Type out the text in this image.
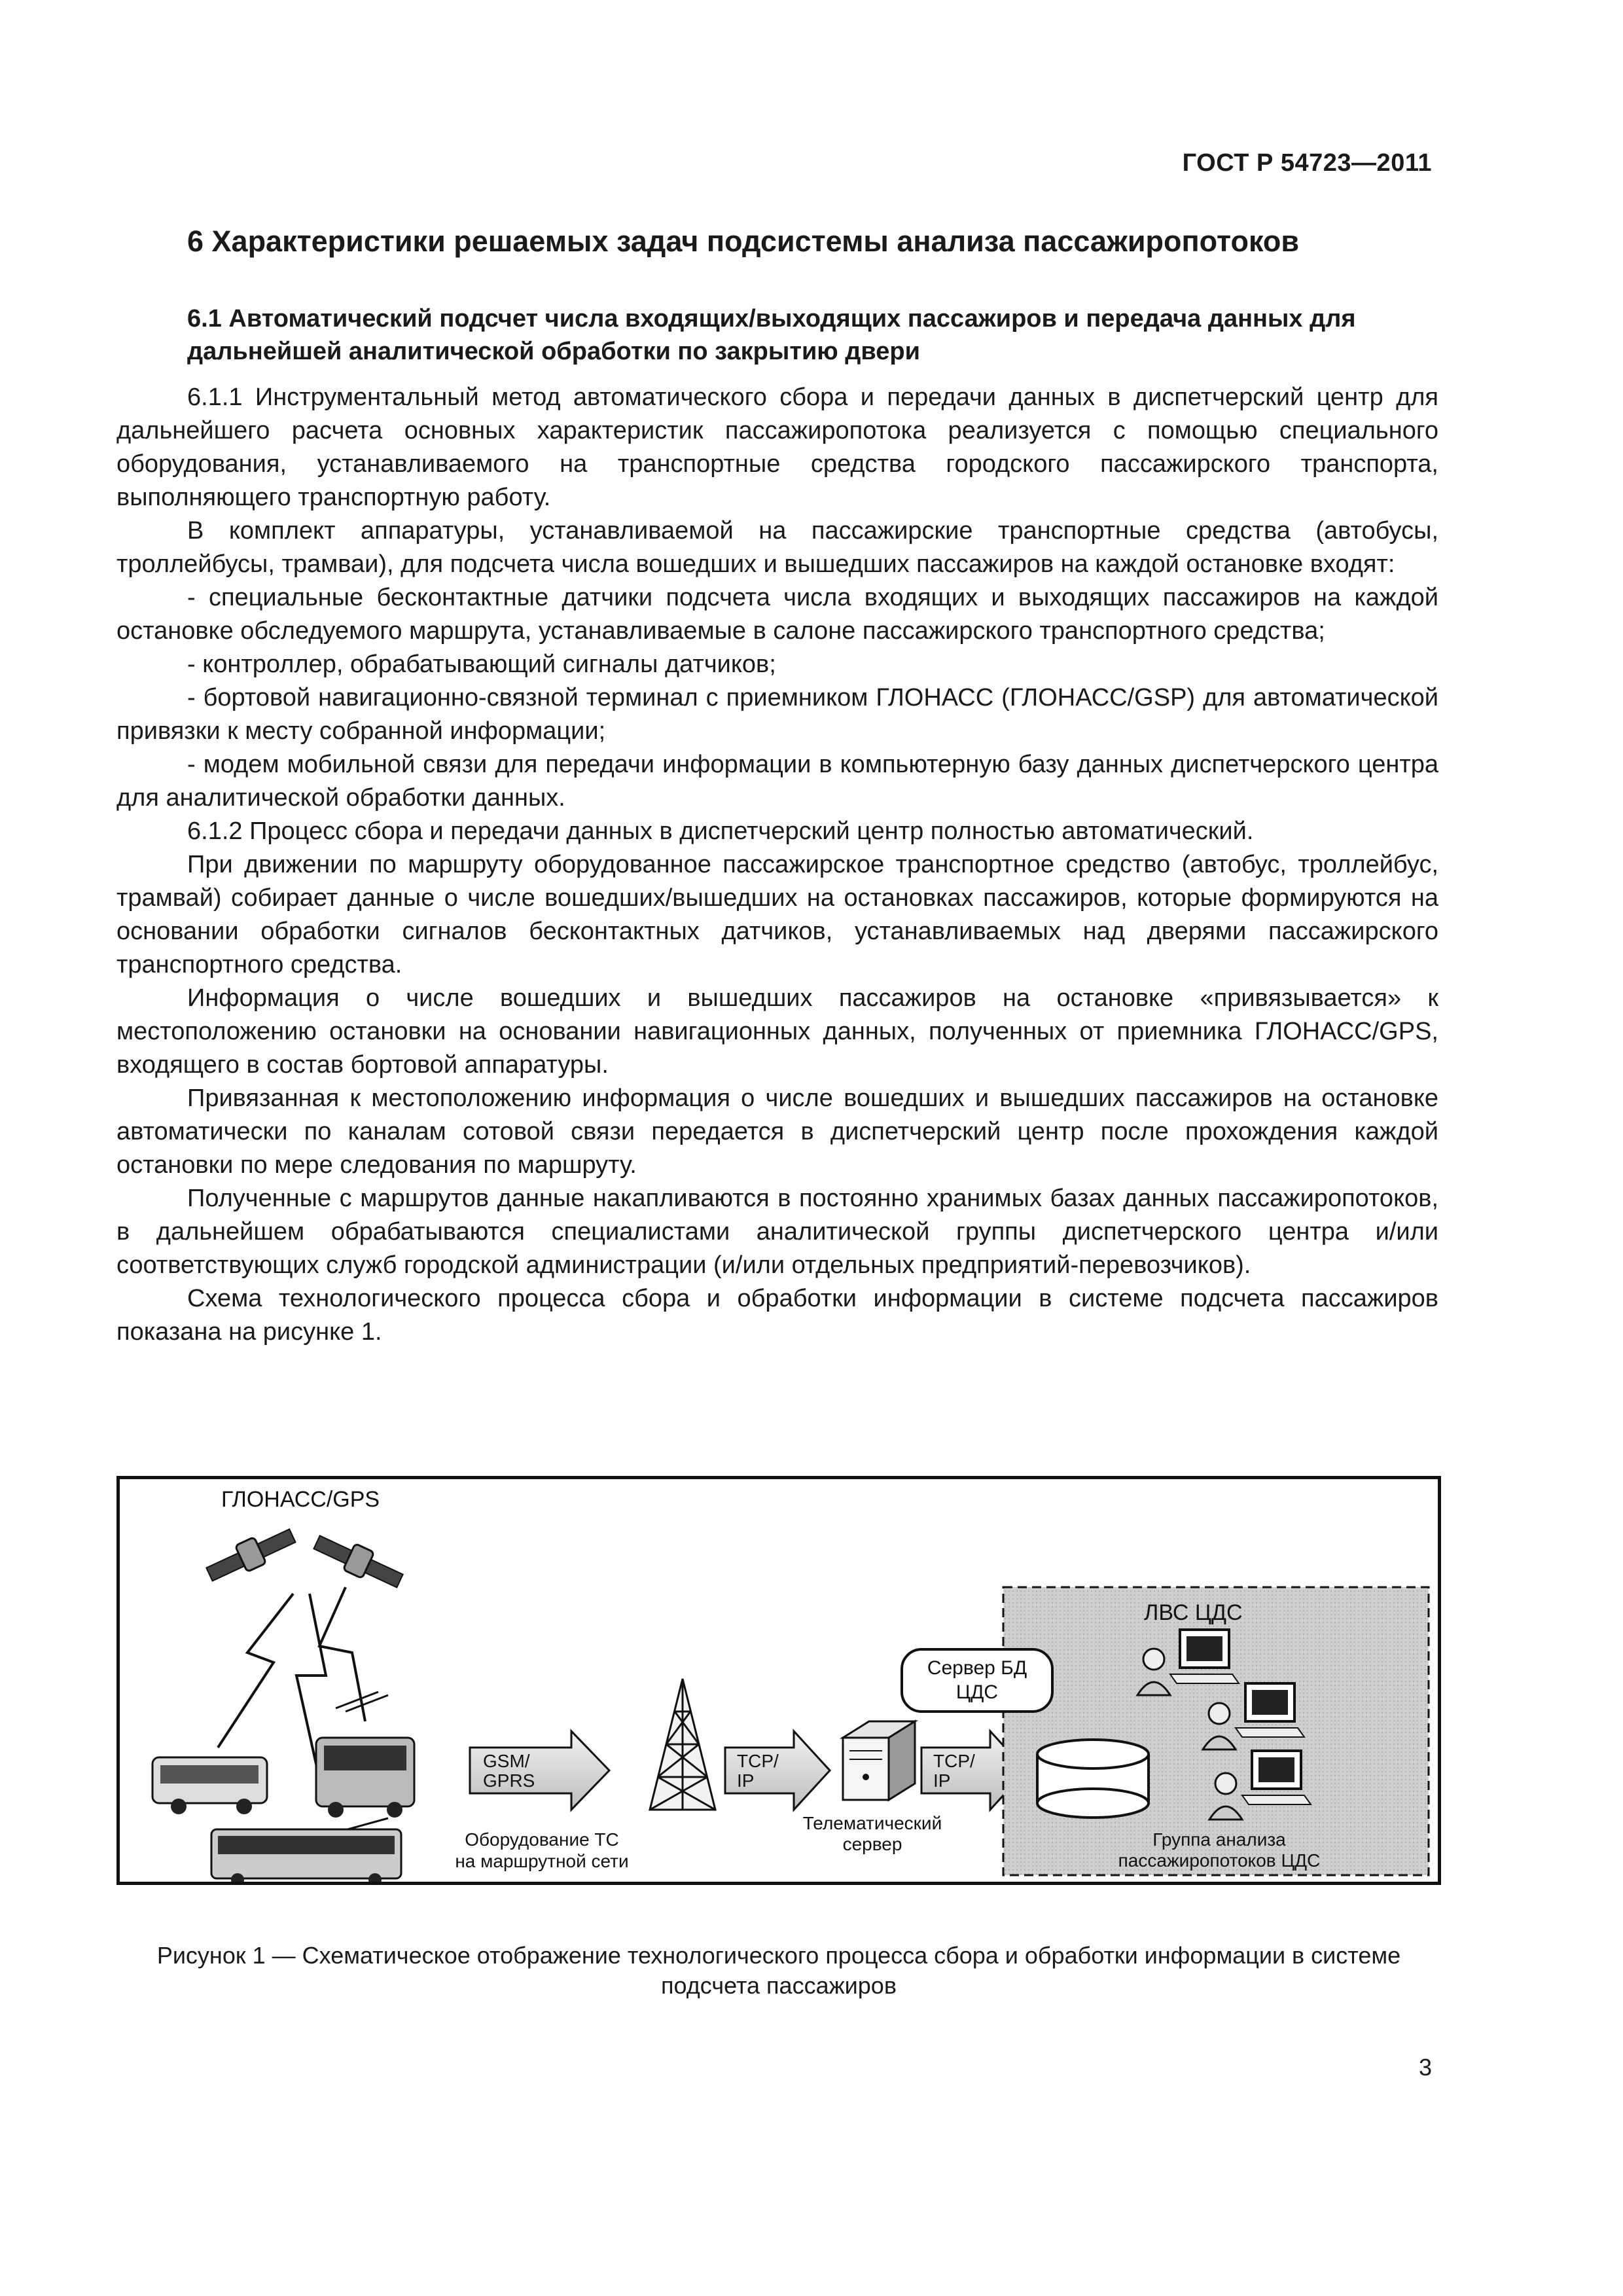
ГОСТ Р 54723—2011
6 Характеристики решаемых задач подсистемы анализа пассажиропотоков
6.1 Автоматический подсчет числа входящих/выходящих пассажиров и передача данных для дальнейшей аналитической обработки по закрытию двери

6.1.1 Инструментальный метод автоматического сбора и передачи данных в диспетчерский центр для дальнейшего расчета основных характеристик пассажиропотока реализуется с помощью специального оборудования, устанавливаемого на транспортные средства городского пассажирского транспорта, выполняющего транспортную работу.

В комплект аппаратуры, устанавливаемой на пассажирские транспортные средства (автобусы, троллейбусы, трамваи), для подсчета числа вошедших и вышедших пассажиров на каждой остановке входят:

- специальные бесконтактные датчики подсчета числа входящих и выходящих пассажиров на каждой остановке обследуемого маршрута, устанавливаемые в салоне пассажирского транспортного средства;

- контроллер, обрабатывающий сигналы датчиков;

- бортовой навигационно-связной терминал с приемником ГЛОНАСС (ГЛОНАСС/GSP) для автоматической привязки к месту собранной информации;

- модем мобильной связи для передачи информации в компьютерную базу данных диспетчерского центра для аналитической обработки данных.

6.1.2 Процесс сбора и передачи данных в диспетчерский центр полностью автоматический.

При движении по маршруту оборудованное пассажирское транспортное средство (автобус, троллейбус, трамвай) собирает данные о числе вошедших/вышедших на остановках пассажиров, которые формируются на основании обработки сигналов бесконтактных датчиков, устанавливаемых над дверями пассажирского транспортного средства.

Информация о числе вошедших и вышедших пассажиров на остановке «привязывается» к местоположению остановки на основании навигационных данных, полученных от приемника ГЛОНАСС/GPS, входящего в состав бортовой аппаратуры.

Привязанная к местоположению информация о числе вошедших и вышедших пассажиров на остановке автоматически по каналам сотовой связи передается в диспетчерский центр после прохождения каждой остановки по мере следования по маршруту.

Полученные с маршрутов данные накапливаются в постоянно хранимых базах данных пассажиропотоков, в дальнейшем обрабатываются специалистами аналитической группы диспетчерского центра и/или соответствующих служб городской администрации (и/или отдельных предприятий-перевозчиков).

Схема технологического процесса сбора и обработки информации в системе подсчета пассажиров показана на рисунке 1.

ГЛОНАСС/GPS
GSM/
GPRS
TCP/
IP
TCP/
IP
ЛВС ЦДС
Сервер БД
ЦДС
Группа анализа
пассажиропотоков ЦДС
Оборудование ТС
на маршрутной сети
Телематический
сервер
Рисунок 1 — Схематическое отображение технологического процесса сбора и обработки информации в системе
подсчета пассажиров
3
